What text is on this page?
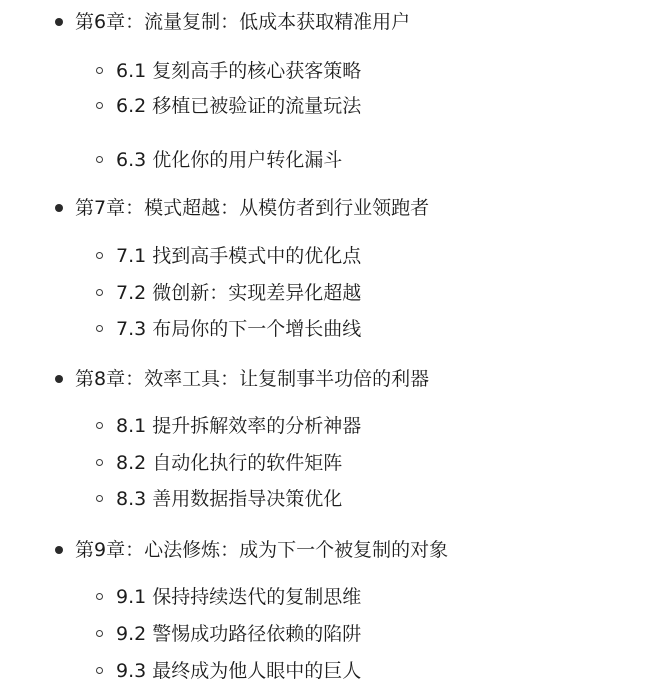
第6章：流量复制：低成本获取精准用户
6.1 复刻高手的核心获客策略
6.2 移植已被验证的流量玩法
6.3 优化你的用户转化漏斗
第7章：模式超越：从模仿者到行业领跑者
7.1 找到高手模式中的优化点
7.2 微创新：实现差异化超越
7.3 布局你的下一个增长曲线
第8章：效率工具：让复制事半功倍的利器
8.1 提升拆解效率的分析神器
8.2 自动化执行的软件矩阵
8.3 善用数据指导决策优化
第9章：心法修炼：成为下一个被复制的对象
9.1 保持持续迭代的复制思维
9.2 警惕成功路径依赖的陷阱
9.3 最终成为他人眼中的巨人
